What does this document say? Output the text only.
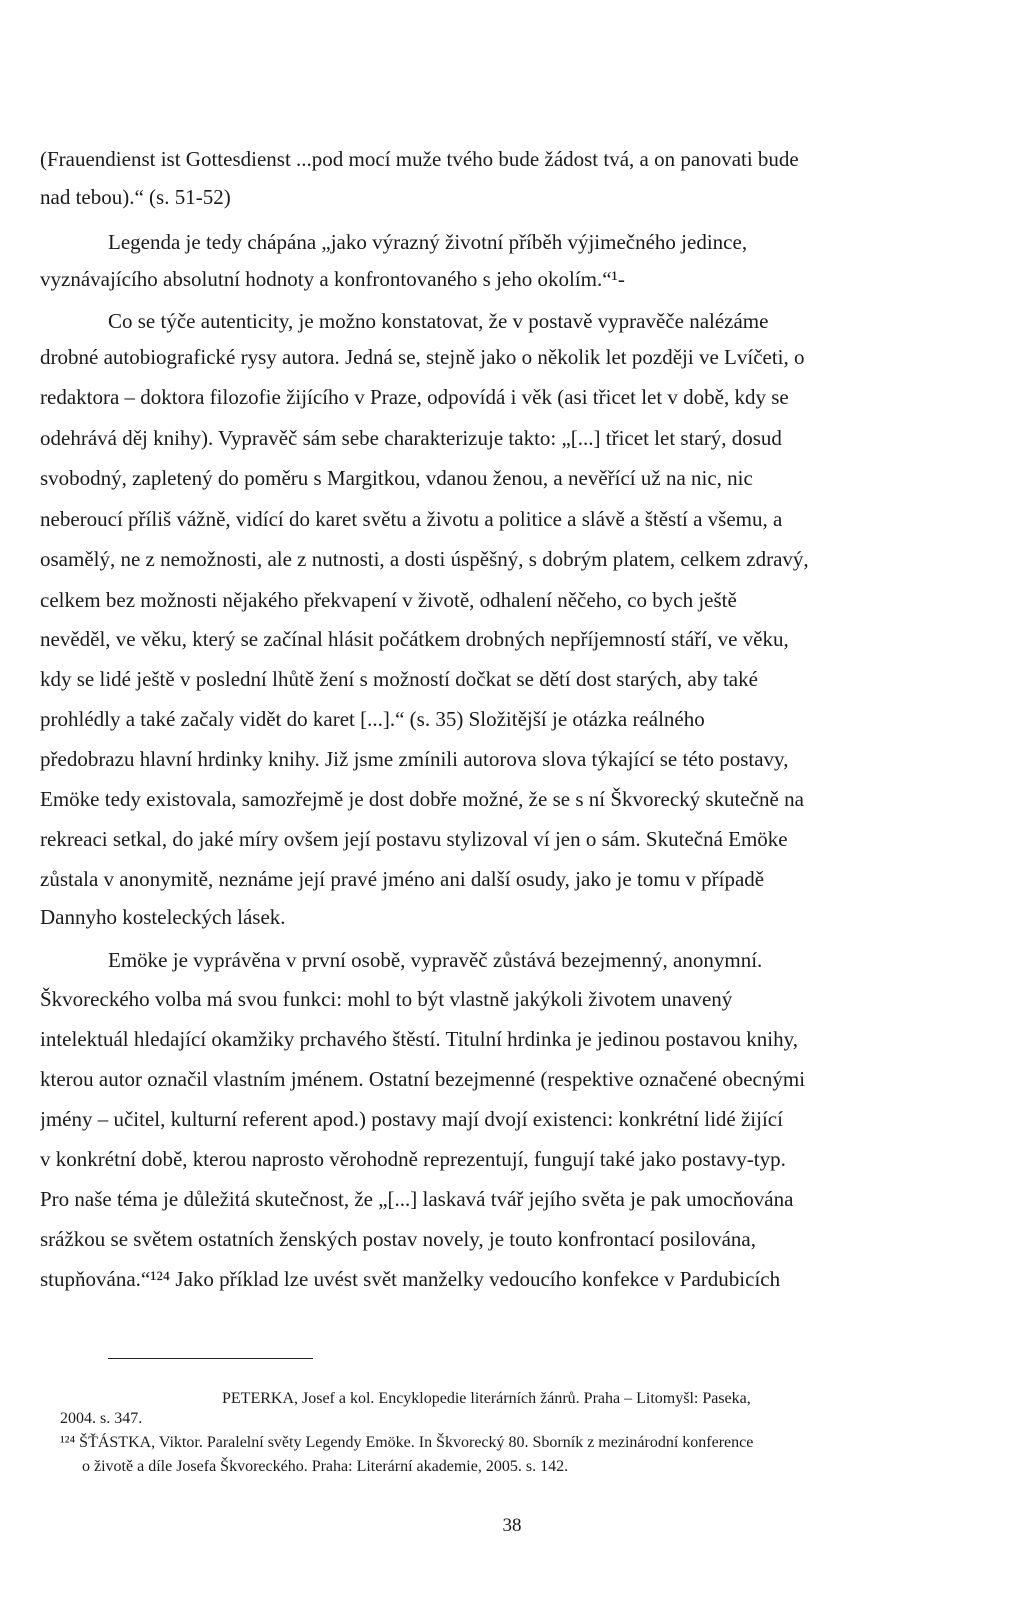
(Frauendienst ist Gottesdienst ...pod mocí muže tvého bude žádost tvá, a on panovati bude

nad tebou).“ (s. 51-52)

Legenda je tedy chápána „jako výrazný životní příběh výjimečného jedince,

vyznávajícího absolutní hodnoty a konfrontovaného s jeho okolím.“¹-

Co se týče autenticity, je možno konstatovat, že v postavě vypravěče nalézáme

drobné autobiografické rysy autora. Jedná se, stejně jako o několik let později ve Lvíčeti, o

redaktora – doktora filozofie žijícího v Praze, odpovídá i věk (asi třicet let v době, kdy se

odehrává děj knihy). Vypravěč sám sebe charakterizuje takto: „[...] třicet let starý, dosud

svobodný, zapletený do poměru s Margitkou, vdanou ženou, a nevěřící už na nic, nic

neberoucí příliš vážně, vidící do karet světu a životu a politice a slávě a štěstí a všemu, a

osamělý, ne z nemožnosti, ale z nutnosti, a dosti úspěšný, s dobrým platem, celkem zdravý,

celkem bez možnosti nějakého překvapení v životě, odhalení něčeho, co bych ještě

nevěděl, ve věku, který se začínal hlásit počátkem drobných nepříjemností stáří, ve věku,

kdy se lidé ještě v poslední lhůtě žení s možností dočkat se dětí dost starých, aby také

prohlédly a také začaly vidět do karet [...].“ (s. 35) Složitější je otázka reálného

předobrazu hlavní hrdinky knihy. Již jsme zmínili autorova slova týkající se této postavy,

Emöke tedy existovala, samozřejmě je dost dobře možné, že se s ní Škvorecký skutečně na

rekreaci setkal, do jaké míry ovšem její postavu stylizoval ví jen o sám. Skutečná Emöke

zůstala v anonymitě, neznáme její pravé jméno ani další osudy, jako je tomu v případě

Dannyho kosteleckých lásek.

Emöke je vyprávěna v první osobě, vypravěč zůstává bezejmenný, anonymní.

Škvoreckého volba má svou funkci: mohl to být vlastně jakýkoli životem unavený

intelektuál hledající okamžiky prchavého štěstí. Titulní hrdinka je jedinou postavou knihy,

kterou autor označil vlastním jménem. Ostatní bezejmenné (respektive označené obecnými

jmény – učitel, kulturní referent apod.) postavy mají dvojí existenci: konkrétní lidé žijící

v konkrétní době, kterou naprosto věrohodně reprezentují, fungují také jako postavy-typ.

Pro naše téma je důležitá skutečnost, že „[...] laskavá tvář jejího světa je pak umocňována

srážkou se světem ostatních ženských postav novely, je touto konfrontací posilována,

stupňována.“¹²⁴ Jako příklad lze uvést svět manželky vedoucího konfekce v Pardubicích

PETERKA, Josef a kol. Encyklopedie literárních žánrů. Praha – Litomyšl: Paseka,

2004. s. 347.

¹²⁴ ŠŤÁSTKA, Viktor. Paralelní světy Legendy Emöke. In Škvorecký 80. Sborník z mezinárodní konference

o životě a díle Josefa Škvoreckého. Praha: Literární akademie, 2005. s. 142.

38
